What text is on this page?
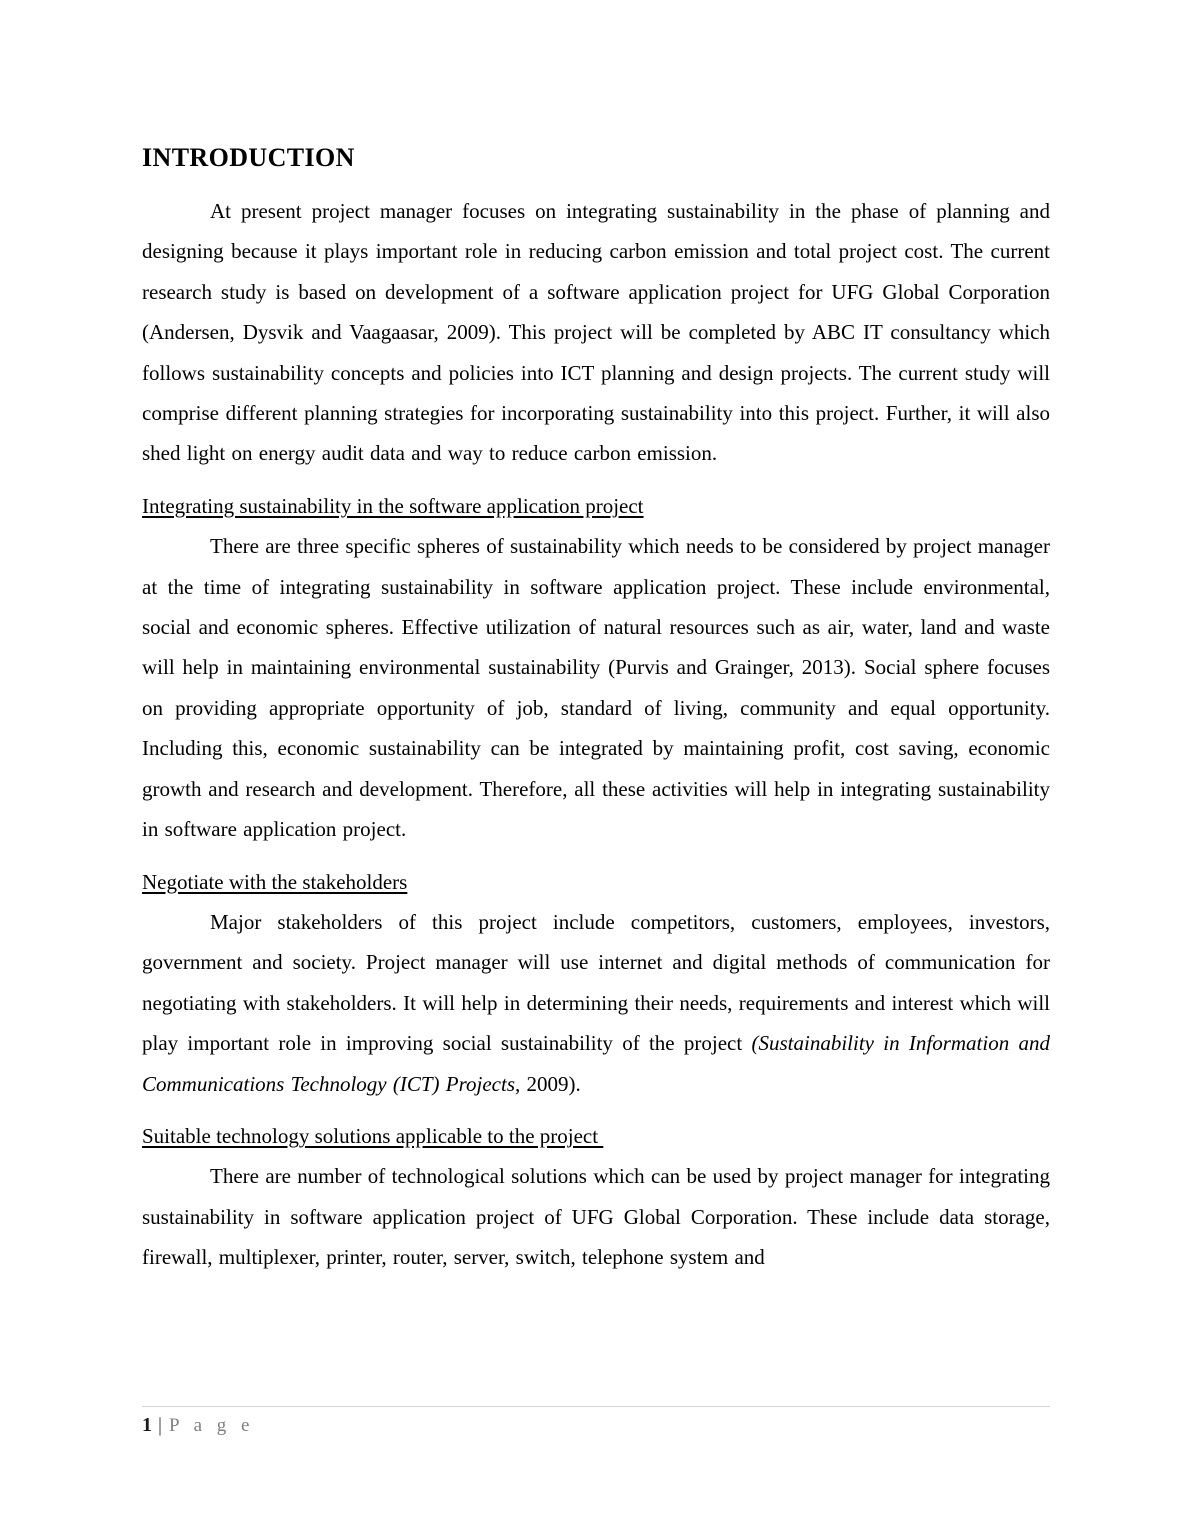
INTRODUCTION

At present project manager focuses on integrating sustainability in the phase of planning and designing because it plays important role in reducing carbon emission and total project cost. The current research study is based on development of a software application project for UFG Global Corporation (Andersen, Dysvik and Vaagaasar, 2009). This project will be completed by ABC IT consultancy which follows sustainability concepts and policies into ICT planning and design projects. The current study will comprise different planning strategies for incorporating sustainability into this project. Further, it will also shed light on energy audit data and way to reduce carbon emission.

Integrating sustainability in the software application project

There are three specific spheres of sustainability which needs to be considered by project manager at the time of integrating sustainability in software application project. These include environmental, social and economic spheres. Effective utilization of natural resources such as air, water, land and waste will help in maintaining environmental sustainability (Purvis and Grainger, 2013). Social sphere focuses on providing appropriate opportunity of job, standard of living, community and equal opportunity. Including this, economic sustainability can be integrated by maintaining profit, cost saving, economic growth and research and development. Therefore, all these activities will help in integrating sustainability in software application project.

Negotiate with the stakeholders

Major stakeholders of this project include competitors, customers, employees, investors, government and society. Project manager will use internet and digital methods of communication for negotiating with stakeholders. It will help in determining their needs, requirements and interest which will play important role in improving social sustainability of the project (Sustainability in Information and Communications Technology (ICT) Projects, 2009).

Suitable technology solutions applicable to the project

There are number of technological solutions which can be used by project manager for integrating sustainability in software application project of UFG Global Corporation. These include data storage, firewall, multiplexer, printer, router, server, switch, telephone system and

1 | P a g e
